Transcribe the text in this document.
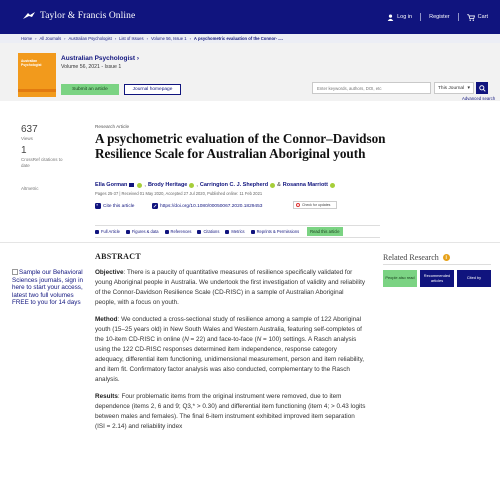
Taylor & Francis Online	Log in	Register	Cart
Home › All Journals › Australian Psychologist › List of Issues › Volume 56, Issue 1 › A psychometric evaluation of the Connor- ....
Australian Psychologist
Australian Psychologist ›
Volume 56, 2021 - Issue 1
Submit an article	Journal homepage
Enter keywords, authors, DOI, etc	This Journal ▾
Advanced search
637
Views
1
CrossRef citations to date
Altmetric
Research Article
A psychometric evaluation of the Connor–Davidson Resilience Scale for Australian Aboriginal youth
Ella Gorman	, Brody Heritage , Carrington C. J. Shepherd & Rosanna Marriott
Pages 25-37 | Received 01 May 2020, Accepted 27 Jul 2020, Published online: 11 Feb 2021
" Cite this article	https://doi.org/10.1080/00050067.2020.1829453	Check for updates
Full Article	Figures & data	References	Citations	Metrics	Reprints & Permissions	Read this article
Sample our Behavioral Sciences journals, sign in here to start your access, latest two full volumes FREE to you for 14 days
ABSTRACT

Objective: There is a paucity of quantitative measures of resilience specifically validated for young Aboriginal people in Australia. We undertook the first investigation of validity and reliability of the Connor-Davidson Resilience Scale (CD-RISC) in a sample of Australian Aboriginal people, with a focus on youth.

Method: We conducted a cross-sectional study of resilience among a sample of 122 Aboriginal youth (15–25 years old) in New South Wales and Western Australia, featuring self-completes of the 10-item CD-RISC in online (N = 22) and face-to-face (N = 100) settings. A Rasch analysis using the 122 CD-RISC responses determined item independence, response category adequacy, differential item functioning, unidimensional measurement, person and item reliability, and item fit. Confirmatory factor analysis was also conducted, complementary to the Rasch analysis.

Results: Four problematic items from the original instrument were removed, due to item dependence (items 2, 6 and 9; Q3,* > 0.30) and differential item functioning (item 4; > 0.43 logits between males and females). The final 6-item instrument exhibited improved item separation (ISI = 2.14) and reliability index

Related Research	i
People also read	Recommended articles	Cited by
